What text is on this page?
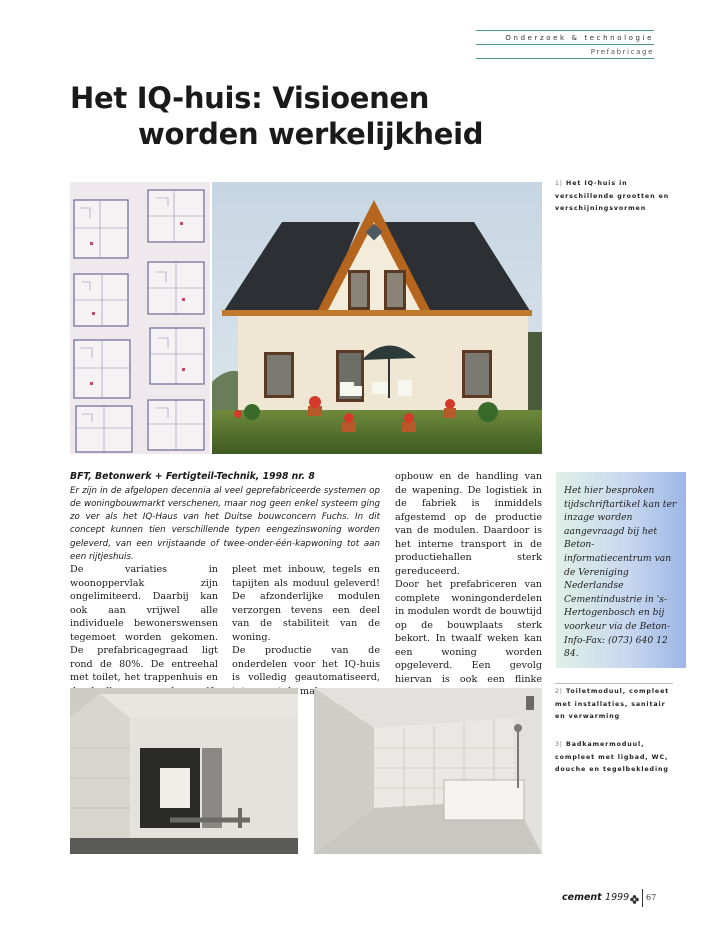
Onderzoek & technologie
Prefabricage
Het IQ-huis: Visioenen
worden werkelijkheid
1| Het IQ-huis in verschillende grootten en verschijningsvormen
BFT, Betonwerk + Fertigteil-Technik, 1998 nr. 8
Er zijn in de afgelopen decennia al veel geprefabriceerde systemen op de woningbouwmarkt verschenen, maar nog geen enkel systeem ging zo ver als het IQ-Haus van het Duitse bouwconcern Fuchs. In dit concept kunnen tien verschillende typen eengezinswoning worden geleverd, van een vrijstaande of twee-onder-één-kapwoning tot aan een rijtjeshuis.

De variaties in woonoppervlak zijn ongelimiteerd. Daarbij kan ook aan vrijwel alle individuele bewonerswensen tegemoet worden gekomen. De prefabricagegraad ligt rond de 80%. De entreehal met toilet, het trappenhuis en

pleet met inbouw, tegels en tapijten als moduul geleverd! De afzonderlijke modulen verzorgen tevens een deel van de stabiliteit van de woning.

De productie van de onderdelen voor het IQ-huis is volledig geautomatiseerd, mal-

opbouw en de handling van de wapening. De logistiek in de fabriek is inmiddels afgestemd op de productie van de modulen. Daardoor is het interne transport in de productiehallen sterk gereduceerd.

Door het prefabriceren van complete woningonderdelen in modulen wordt de bouwtijd op de bouwplaats sterk bekort. In twaalf weken kan een woning worden opgeleverd. Een gevolg hiervan is ook een flinke

Het hier besproken tijdschriftartikel kan ter inzage worden aangevraagd bij het Beton-informatiecentrum van de Vereniging Nederlandse Cementindustrie in 's-Hertogenbosch en bij voorkeur via de Beton-Info-Fax: (073) 640 12 84.

2| Toiletmoduul, compleet met installaties, sanitair en verwarming
3| Badkamermoduul, compleet met ligbad, WC, douche en tegelbekleding
cement 1999 67
